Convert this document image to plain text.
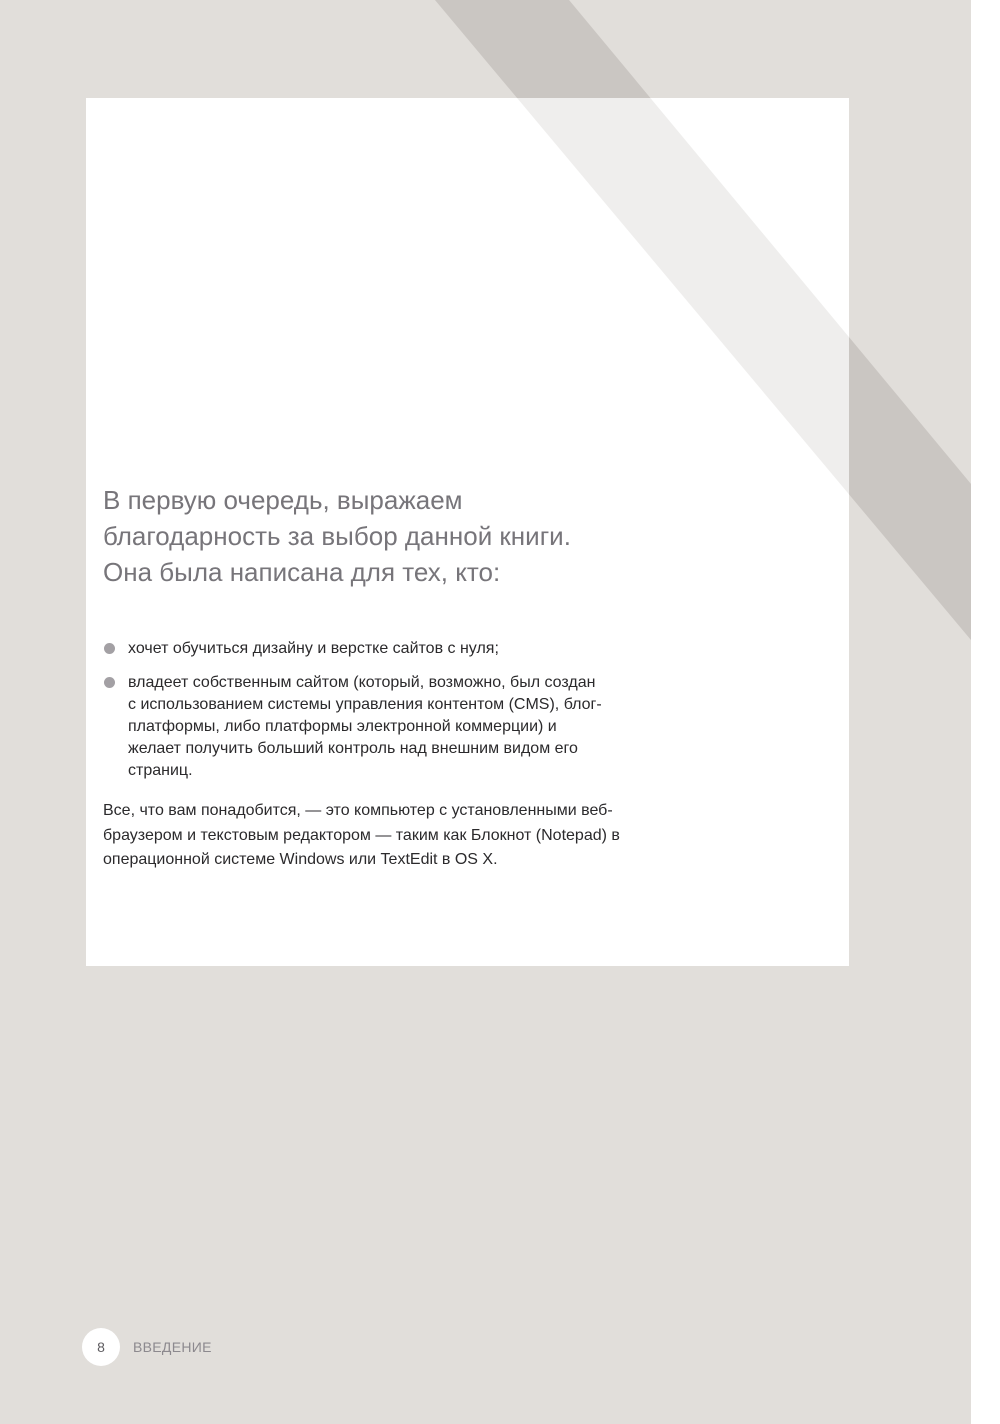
В первую очередь, выражаем
благодарность за выбор данной книги.
Она была написана для тех, кто:
хочет обучиться дизайну и верстке сайтов с нуля;
владеет собственным сайтом (который, возможно, был создан с использованием системы управления контентом (CMS), блог-платформы, либо платформы электронной коммерции) и желает получить больший контроль над внешним видом его страниц.

Все, что вам понадобится, — это компьютер с установленными веб-браузером и текстовым редактором — таким как Блокнот (Notepad) в операционной системе Windows или TextEdit в OS X.

8	ВВЕДЕНИЕ
